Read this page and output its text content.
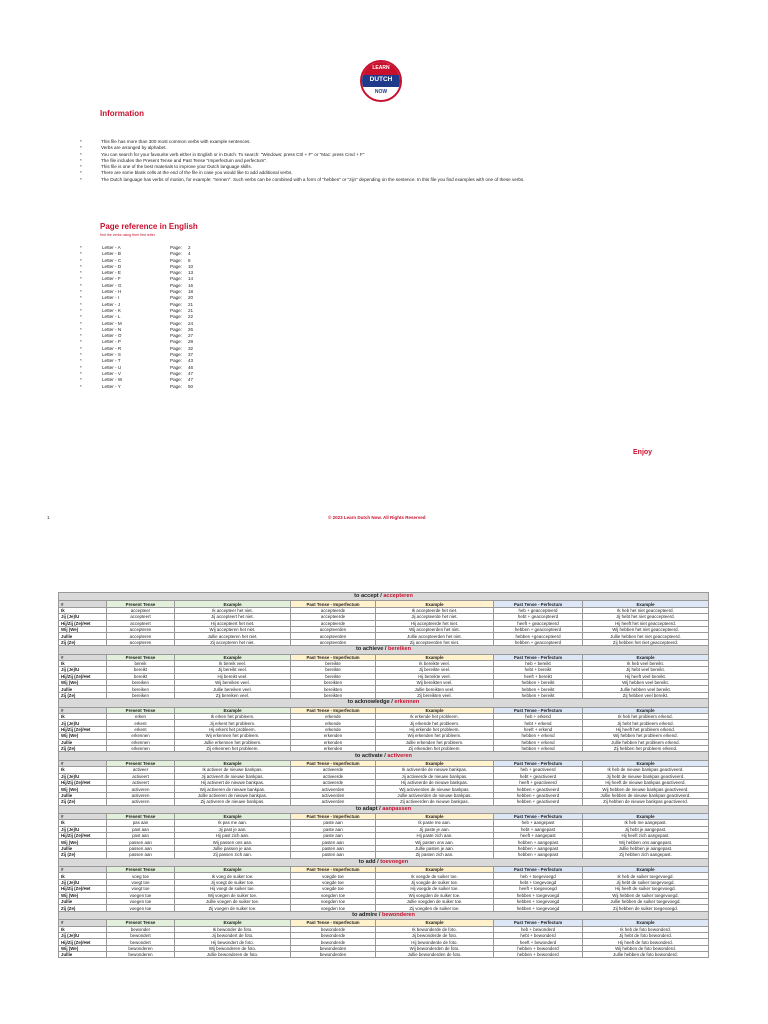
LEARN
DUTCH
NOW
Information
* This file has more than 300 most common verbs with example sentences.
* Verbs are arranged by alphabet.
* You can search for your favourite verb either in English or in Dutch. To search: "Windows: press Ctrl + F" or "Mac: press Cmd + F"
* The file includes the Present Tense and Past Tense "Imperfectum and perfectum".
* This file is one of the best materials to improve your Dutch language skills.
* There are some blank cells at the end of the file in case you would like to add additional verbs.
* The Dutch language has verbs of motion, for example: "rennen". Such verbs can be combined with a form of "hebben" or "zijn" depending on the sentence. In this file you find examples with one of these verbs.
Page reference in English
find the verbs using their first letter
Letter - A	Page: 2
Letter - B	Page: 4
Letter - C	Page: 6
Letter - D	Page: 10
Letter - E	Page: 13
Letter - F	Page: 14
Letter - G	Page: 16
Letter - H	Page: 18
Letter - I	Page: 20
Letter - J	Page: 21
Letter - K	Page: 21
Letter - L	Page: 22
Letter - M	Page: 24
Letter - N	Page: 26
Letter - O	Page: 27
Letter - P	Page: 28
Letter - R	Page: 32
Letter - S	Page: 37
Letter - T	Page: 43
Letter - U	Page: 46
Letter - V	Page: 47
Letter - W	Page: 47
Letter - Y	Page: 50
Enjoy
1	© 2023 Learn Dutch Now. All Rights Reserved
to accept / accepteren						
#	Present Tense	Example	Past Tense - Imperfectum	Example	Past Tense - Perfectum	Example
Ik	accepteer	Ik accepteer het niet.	accepteerde	Ik accepteerde het niet.	heb + geaccepteerd	Ik heb het niet geaccepteerd.
Jij (Je)/U	accepteert	Jij accepteert het niet.	accepteerde	Jij accepteerde het niet.	hebt + geaccepteerd	Jij hebt het niet geaccepteerd.
Hij/Zij (Ze)/Het	accepteert	Hij accepteert het niet.	accepteerde	Hij accepteerde het niet.	heeft + geaccepteerd	Hij heeft het niet geaccepteerd.
Wij (We)	accepteren	Wij accepteren het niet.	accepteerden	Wij accepteerden het niet.	hebben + geaccepteerd	Wij hebben het niet geaccepteerd.
Jullie	accepteren	Jullie accepteren het niet.	accepteerden	Jullie accepteerden het niet.	hebben +geaccepteerd	Jullie hebben het niet geaccepteerd.
Zij (Ze)	accepteren	Zij accepteren het niet.	accepteerden	Zij accepteerden het niet.	hebben + geaccepteerd	Zij hebben het niet geaccepteerd.
to achieve / bereiken						
#	Present Tense	Example	Past Tense - Imperfectum	Example	Past Tense - Perfectum	Example
Ik	bereik	Ik bereik veel.	bereikte	Ik bereikte veel.	heb + bereikt	Ik heb veel bereikt.
Jij (Je)/U	bereikt	Jij bereikt veel.	bereikte	Jij bereikte veel.	hebt + bereikt	Jij hebt veel bereikt.
Hij/Zij (Ze)/Het	bereikt	Hij bereikt veel.	bereikte	Hij bereikte veel.	heeft + bereikt	Hij heeft veel bereikt.
Wij (We)	bereiken	Wij bereiken veel.	bereikten	Wij bereikten veel.	hebben + bereikt	Wij hebben veel bereikt.
Jullie	bereiken	Jullie bereiken veel.	bereikten	Jullie bereikten veel.	hebben + bereikt	Jullie hebben veel bereikt.
Zij (Ze)	bereiken	Zij bereiken veel.	bereikten	Zij bereikten veel.	hebben + bereikt	Zij hebben veel bereikt.
to acknowledge / erkennen						
#	Present Tense	Example	Past Tense - Imperfectum	Example	Past Tense - Perfectum	Example
Ik	erken	Ik erken het probleem.	erkende	Ik erkende het probleem.	heb + erkend	Ik heb het probleem erkend.
Jij (Je)/U	erkent	Jij erkent het probleem.	erkende	Jij erkende het probleem.	hebt + erkend	Jij hebt het probleem erkend.
Hij/Zij (Ze)/Het	erkent	Hij erkent het probleem.	erkende	Hij erkende het probleem.	heeft + erkend	Hij heeft het probleem erkend.
Wij (We)	erkennen	Wij erkennen het probleem.	erkenden	Wij erkenden het probleem.	hebben + erkend	Wij hebben het probleem erkend.
Jullie	erkennen	Jullie erkennen het probleem.	erkenden	Jullie erkenden het probleem.	hebben + erkend	Jullie hebben het probleem erkend.
Zij (Ze)	erkennen	Zij erkennen het probleem.	erkenden	Zij erkenden het probleem.	hebben + erkend	Zij hebben het probleem erkend.
to activate / activeren						
#	Present Tense	Example	Past Tense - Imperfectum	Example	Past Tense - Perfectum	Example
Ik	activeer	Ik activeer de nieuwe bankpas.	activeerde	Ik activeerde de nieuwe bankpas.	heb + geactiveerd	Ik heb de nieuwe bankpas geactiveerd.
Jij (Je)/U	activeert	Jij activeert de nieuwe bankpas.	activeerde	Jij activeerde de nieuwe bankpas.	hebt + geactiveerd	Jij hebt de nieuwe bankpas geactiveerd.
Hij/Zij (Ze)/Het	activeert	Hij activeert de nieuwe bankpas.	activeerde	Hij activeerde de nieuwe bankpas.	heeft + geactiveerd	Hij heeft de nieuwe bankpas geactiveerd.
Wij (We)	activeren	Wij activeren de nieuwe bankpas.	activeerden	Wij activeerden de nieuwe bankpas.	hebben + geactiveerd	Wij hebben de nieuwe bankpas geactiveerd.
Jullie	activeren	Jullie activeren de nieuwe bankpas.	activeerden	Jullie activeerden de nieuwe bankpas.	hebben + geactiveerd	Jullie hebben de nieuwe bankpas geactiveerd.
Zij (Ze)	activeren	Zij activeren de nieuwe bankpas.	activeerden	Zij activeerden de nieuwe bankpas.	hebben + geactiveerd	Zij hebben de nieuwe bankpas geactiveerd.
to adapt / aanpassen						
#	Present Tense	Example	Past Tense - Imperfectum	Example	Past Tense - Perfectum	Example
Ik	pas aan	Ik pas me aan.	paste aan	Ik paste me aan.	heb + aangepast	Ik heb me aangepast.
Jij (Je)/U	past aan	Jij past je aan.	paste aan	Jij paste je aan.	hebt + aangepast	Jij hebt je aangepast.
Hij/Zij (Ze)/Het	past aan	Hij past zich aan.	paste aan	Hij paste zich aan.	heeft + aangepast	Hij heeft zich aangepast.
Wij (We)	passen aan	Wij passen ons aan.	pasten aan	Wij pasten ons aan.	hebben + aangepast	Wij hebben ons aangepast.
Jullie	passen aan	Jullie passen je aan.	pasten aan	Jullie pasten je aan.	hebben + aangepast	Jullie hebben je aangepast.
Zij (Ze)	passen aan	Zij passen zich aan.	pasten aan	Zij pasten zich aan.	hebben + aangepast	Zij hebben zich aangepast.
to add / toevoegen						
#	Present Tense	Example	Past Tense - Imperfectum	Example	Past Tense - Perfectum	Example
Ik	voeg toe	Ik voeg de suiker toe.	voegde toe	Ik voegde de suiker toe.	heb + toegevoegd	Ik heb de suiker toegevoegd.
Jij (Je)/U	voegt toe	Jij voegt de suiker toe.	voegde toe	Jij voegde de suiker toe.	hebt + toegevoegd	Jij hebt de suiker toegevoegd.
Hij/Zij (Ze)/Het	voegt toe	Hij voegt de suiker toe.	voegde toe	Hij voegde de suiker toe.	heeft + toegevoegd	Hij heeft de suiker toegevoegd.
Wij (We)	voegen toe	Wij voegen de suiker toe.	voegden toe	Wij voegden de suiker toe.	hebben + toegevoegd	Wij hebben de suiker toegevoegd.
Jullie	voegen toe	Jullie voegen de suiker toe.	voegden toe	Jullie voegden de suiker toe.	hebben + toegevoegd	Jullie hebben de suiker toegevoegd.
Zij (Ze)	voegen toe	Zij voegen de suiker toe.	voegden toe	Zij voegden de suiker toe.	hebben + toegevoegd	Zij hebben de suiker toegevoegd.
to admire / bewonderen						
#	Present Tense	Example	Past Tense - Imperfectum	Example	Past Tense - Perfectum	Example
Ik	bewonder	Ik bewonder de foto.	bewonderde	Ik bewonderde de foto.	heb + bewonderd	Ik heb de foto bewonderd.
Jij (Je)/U	bewondert	Jij bewondert de foto.	bewonderde	Jij bewonderde de foto.	hebt + bewonderd	Jij hebt de foto bewonderd.
Hij/Zij (Ze)/Het	bewondert	Hij bewondert de foto.	bewonderde	Hij bewonderde de foto.	heeft + bewonderd	Hij heeft de foto bewonderd.
Wij (We)	bewonderen	Wij bewonderen de foto.	bewonderden	Wij bewonderden de foto.	hebben + bewonderd	Wij hebben de foto bewonderd.
Jullie	bewonderen	Jullie bewonderen de foto.	bewonderden	Jullie bewonderden de foto.	hebben + bewonderd	Jullie hebben de foto bewonderd.
